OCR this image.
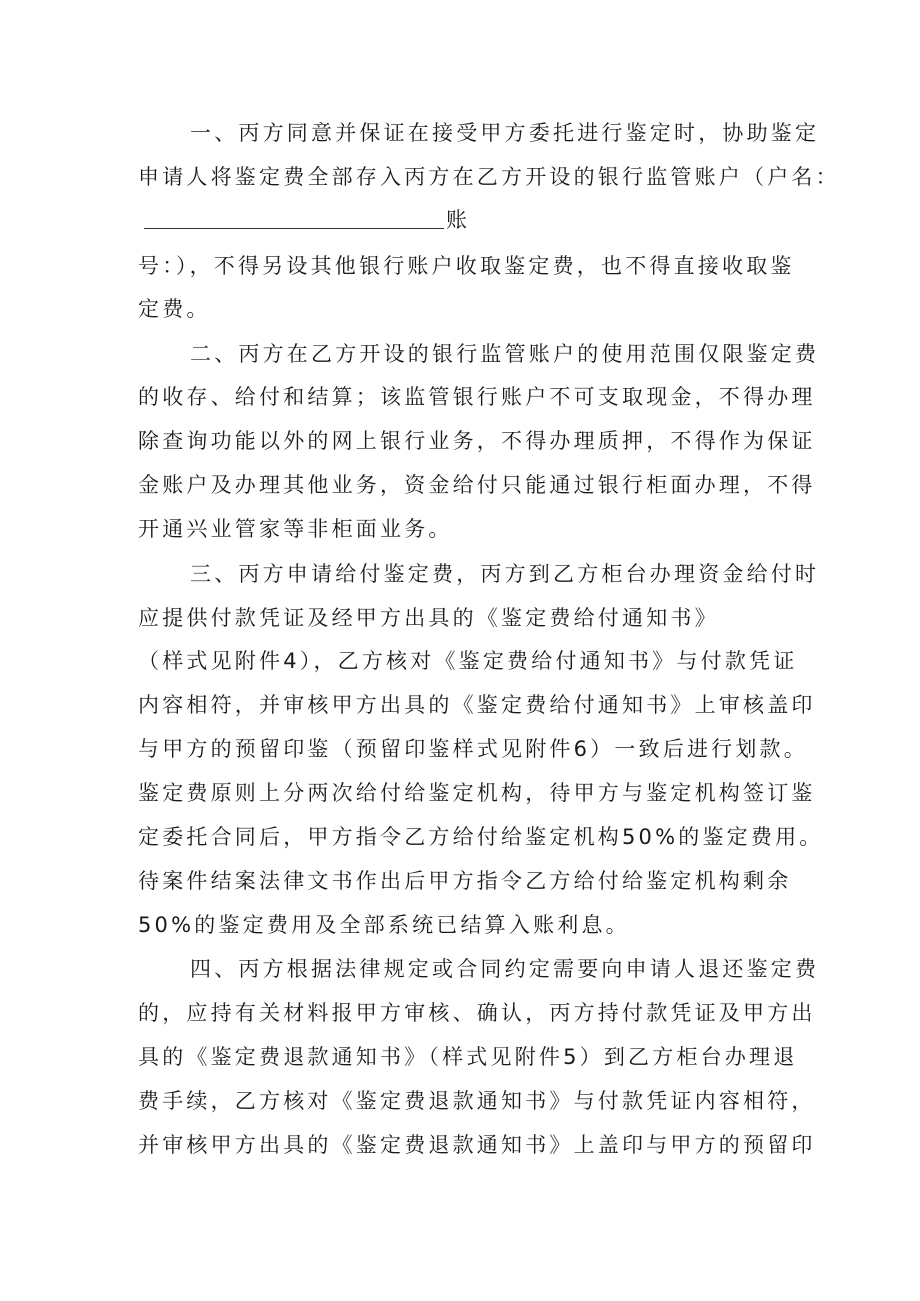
一、丙方同意并保证在接受甲方委托进行鉴定时，协助鉴定
申请人将鉴定费全部存入丙方在乙方开设的银行监管账户（户名：
账
号：），不得另设其他银行账户收取鉴定费，也不得直接收取鉴
定费。
二、丙方在乙方开设的银行监管账户的使用范围仅限鉴定费
的收存、给付和结算；该监管银行账户不可支取现金，不得办理
除查询功能以外的网上银行业务，不得办理质押，不得作为保证
金账户及办理其他业务，资金给付只能通过银行柜面办理，不得
开通兴业管家等非柜面业务。
三、丙方申请给付鉴定费，丙方到乙方柜台办理资金给付时
应提供付款凭证及经甲方出具的《鉴定费给付通知书》
（样式见附件4），乙方核对《鉴定费给付通知书》与付款凭证
内容相符，并审核甲方出具的《鉴定费给付通知书》上审核盖印
与甲方的预留印鉴（预留印鉴样式见附件6）一致后进行划款。
鉴定费原则上分两次给付给鉴定机构，待甲方与鉴定机构签订鉴
定委托合同后，甲方指令乙方给付给鉴定机构50%的鉴定费用。
待案件结案法律文书作出后甲方指令乙方给付给鉴定机构剩余
50%的鉴定费用及全部系统已结算入账利息。
四、丙方根据法律规定或合同约定需要向申请人退还鉴定费
的，应持有关材料报甲方审核、确认，丙方持付款凭证及甲方出
具的《鉴定费退款通知书》（样式见附件5）到乙方柜台办理退
费手续，乙方核对《鉴定费退款通知书》与付款凭证内容相符，
并审核甲方出具的《鉴定费退款通知书》上盖印与甲方的预留印
